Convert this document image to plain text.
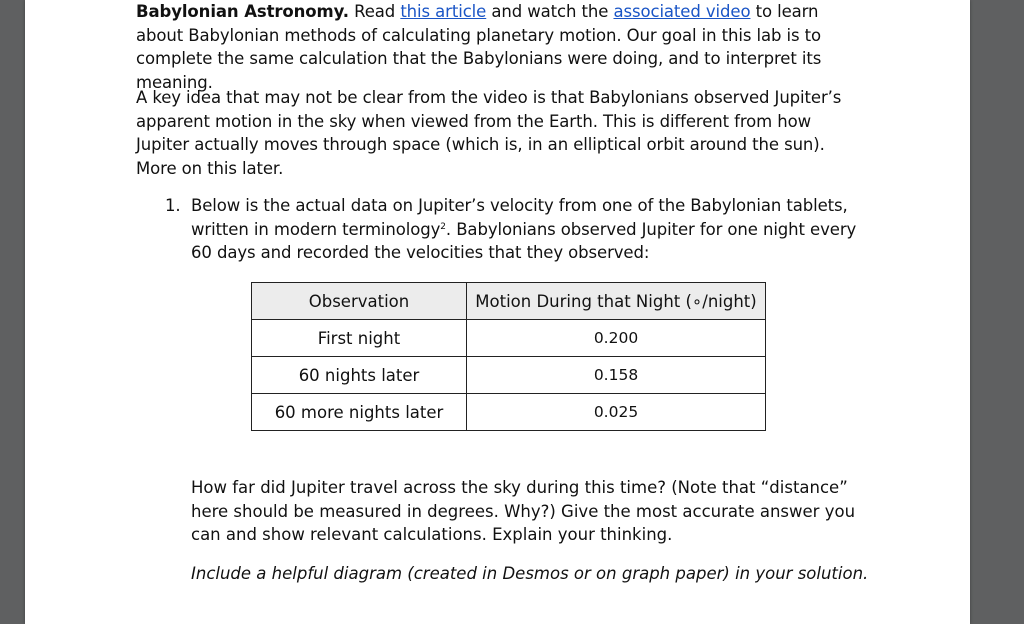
Babylonian Astronomy. Read this article and watch the associated video to learn about Babylonian methods of calculating planetary motion. Our goal in this lab is to complete the same calculation that the Babylonians were doing, and to interpret its meaning.

A key idea that may not be clear from the video is that Babylonians observed Jupiter’s apparent motion in the sky when viewed from the Earth. This is different from how Jupiter actually moves through space (which is, in an elliptical orbit around the sun). More on this later.

1. Below is the actual data on Jupiter’s velocity from one of the Babylonian tablets, written in modern terminology$^2$. Babylonians observed Jupiter for one night every 60 days and recorded the velocities that they observed:

Observation	Motion During that Night (∘/night)
First night	0.200
60 nights later	0.158
60 more nights later	0.025

How far did Jupiter travel across the sky during this time? (Note that “distance” here should be measured in degrees. Why?) Give the most accurate answer you can and show relevant calculations. Explain your thinking.

Include a helpful diagram (created in Desmos or on graph paper) in your solution.
